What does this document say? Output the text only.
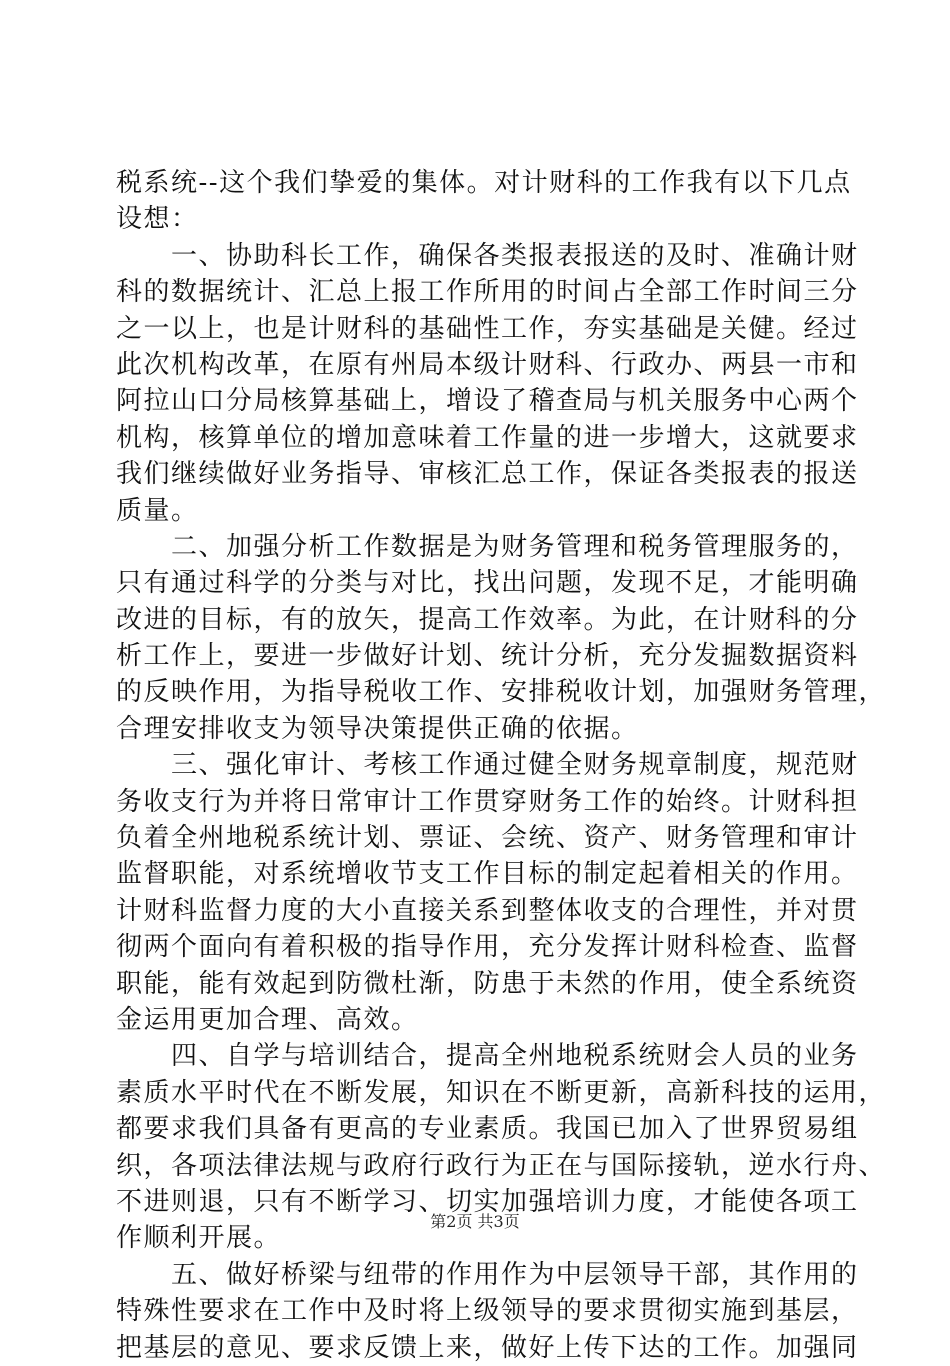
税系统--这个我们挚爱的集体。对计财科的工作我有以下几点
设想：
　　一、协助科长工作，确保各类报表报送的及时、准确计财
科的数据统计、汇总上报工作所用的时间占全部工作时间三分
之一以上，也是计财科的基础性工作，夯实基础是关健。经过
此次机构改革，在原有州局本级计财科、行政办、两县一市和
阿拉山口分局核算基础上，增设了稽查局与机关服务中心两个
机构，核算单位的增加意味着工作量的进一步增大，这就要求
我们继续做好业务指导、审核汇总工作，保证各类报表的报送
质量。
　　二、加强分析工作数据是为财务管理和税务管理服务的，
只有通过科学的分类与对比，找出问题，发现不足，才能明确
改进的目标，有的放矢，提高工作效率。为此，在计财科的分
析工作上，要进一步做好计划、统计分析，充分发掘数据资料
的反映作用，为指导税收工作、安排税收计划，加强财务管理，
合理安排收支为领导决策提供正确的依据。
　　三、强化审计、考核工作通过健全财务规章制度，规范财
务收支行为并将日常审计工作贯穿财务工作的始终。计财科担
负着全州地税系统计划、票证、会统、资产、财务管理和审计
监督职能，对系统增收节支工作目标的制定起着相关的作用。
计财科监督力度的大小直接关系到整体收支的合理性，并对贯
彻两个面向有着积极的指导作用，充分发挥计财科检查、监督
职能，能有效起到防微杜渐，防患于未然的作用，使全系统资
金运用更加合理、高效。
　　四、自学与培训结合，提高全州地税系统财会人员的业务
素质水平时代在不断发展，知识在不断更新，高新科技的运用，
都要求我们具备有更高的专业素质。我国已加入了世界贸易组
织，各项法律法规与政府行政行为正在与国际接轨，逆水行舟、
不进则退，只有不断学习、切实加强培训力度，才能使各项工
作顺利开展。
　　五、做好桥梁与纽带的作用作为中层领导干部，其作用的
特殊性要求在工作中及时将上级领导的要求贯彻实施到基层，
把基层的意见、要求反馈上来，做好上传下达的工作。加强同
第2页 共3页
